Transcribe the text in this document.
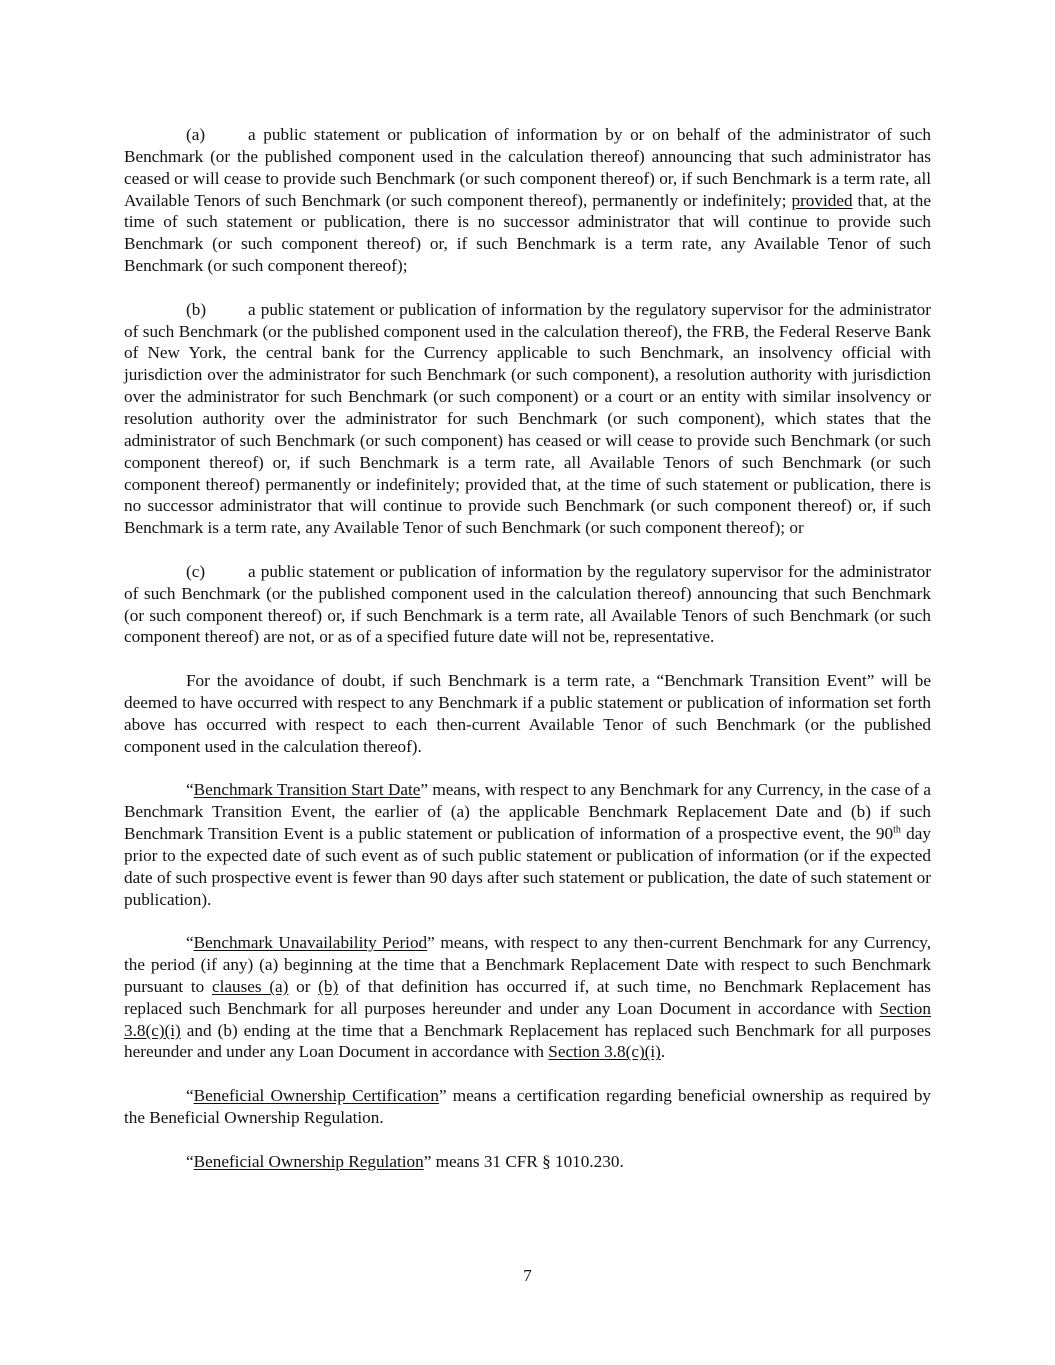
(a) a public statement or publication of information by or on behalf of the administrator of such Benchmark (or the published component used in the calculation thereof) announcing that such administrator has ceased or will cease to provide such Benchmark (or such component thereof) or, if such Benchmark is a term rate, all Available Tenors of such Benchmark (or such component thereof), permanently or indefinitely; provided that, at the time of such statement or publication, there is no successor administrator that will continue to provide such Benchmark (or such component thereof) or, if such Benchmark is a term rate, any Available Tenor of such Benchmark (or such component thereof);

(b) a public statement or publication of information by the regulatory supervisor for the administrator of such Benchmark (or the published component used in the calculation thereof), the FRB, the Federal Reserve Bank of New York, the central bank for the Currency applicable to such Benchmark, an insolvency official with jurisdiction over the administrator for such Benchmark (or such component), a resolution authority with jurisdiction over the administrator for such Benchmark (or such component) or a court or an entity with similar insolvency or resolution authority over the administrator for such Benchmark (or such component), which states that the administrator of such Benchmark (or such component) has ceased or will cease to provide such Benchmark (or such component thereof) or, if such Benchmark is a term rate, all Available Tenors of such Benchmark (or such component thereof) permanently or indefinitely; provided that, at the time of such statement or publication, there is no successor administrator that will continue to provide such Benchmark (or such component thereof) or, if such Benchmark is a term rate, any Available Tenor of such Benchmark (or such component thereof); or

(c) a public statement or publication of information by the regulatory supervisor for the administrator of such Benchmark (or the published component used in the calculation thereof) announcing that such Benchmark (or such component thereof) or, if such Benchmark is a term rate, all Available Tenors of such Benchmark (or such component thereof) are not, or as of a specified future date will not be, representative.

For the avoidance of doubt, if such Benchmark is a term rate, a “Benchmark Transition Event” will be deemed to have occurred with respect to any Benchmark if a public statement or publication of information set forth above has occurred with respect to each then-current Available Tenor of such Benchmark (or the published component used in the calculation thereof).

“Benchmark Transition Start Date” means, with respect to any Benchmark for any Currency, in the case of a Benchmark Transition Event, the earlier of (a) the applicable Benchmark Replacement Date and (b) if such Benchmark Transition Event is a public statement or publication of information of a prospective event, the 90th day prior to the expected date of such event as of such public statement or publication of information (or if the expected date of such prospective event is fewer than 90 days after such statement or publication, the date of such statement or publication).

“Benchmark Unavailability Period” means, with respect to any then-current Benchmark for any Currency, the period (if any) (a) beginning at the time that a Benchmark Replacement Date with respect to such Benchmark pursuant to clauses (a) or (b) of that definition has occurred if, at such time, no Benchmark Replacement has replaced such Benchmark for all purposes hereunder and under any Loan Document in accordance with Section 3.8(c)(i) and (b) ending at the time that a Benchmark Replacement has replaced such Benchmark for all purposes hereunder and under any Loan Document in accordance with Section 3.8(c)(i).

“Beneficial Ownership Certification” means a certification regarding beneficial ownership as required by the Beneficial Ownership Regulation.

“Beneficial Ownership Regulation” means 31 CFR § 1010.230.

7
